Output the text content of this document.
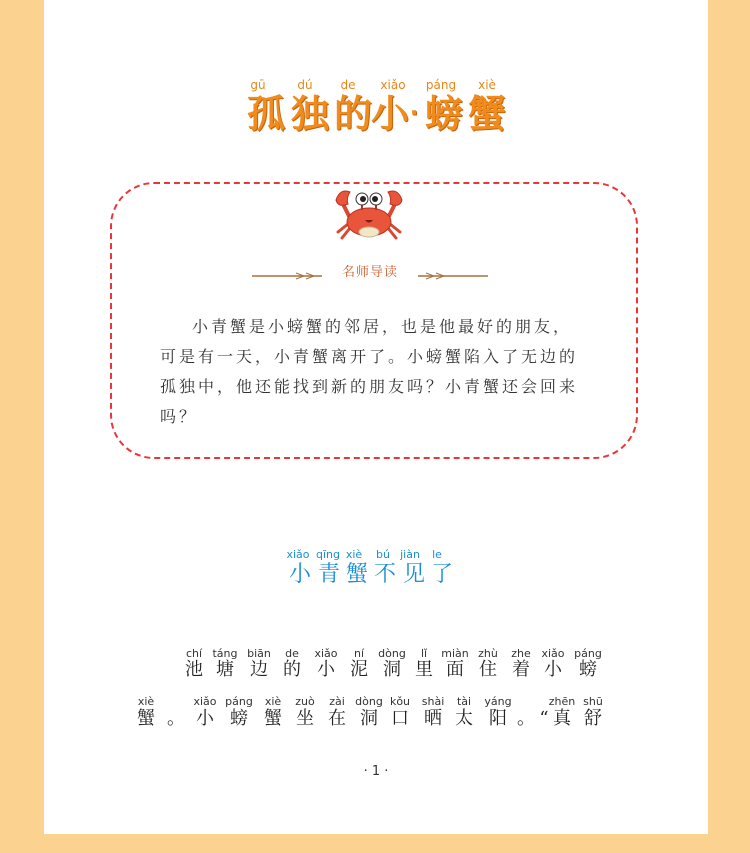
gū	dú de xiǎo páng xiè
孤 独 的
小 · 螃 蟹
名师导读

小青蟹是小螃蟹的邻居，也是他最好的朋友，可是有一天，小青蟹离开了。小螃蟹陷入了无边的孤独中，他还能找到新的朋友吗？小青蟹还会回来吗？

xiǎo qīng xiè bú jiàn le
小 青 蟹 不 见 了
chí táng biān de xiǎo ní dòng lǐ miàn zhù zhe xiǎo páng
池 塘 边 的 小 泥 洞 里 面 住 着 小 螃
xiè	xiǎo páng xiè zuò zài dòng kǒu shài tài yáng	zhēn shū
蟹 。 小 螃 蟹 坐 在 洞 口 晒 太 阳 。 “ 真 舒
· 1 ·
